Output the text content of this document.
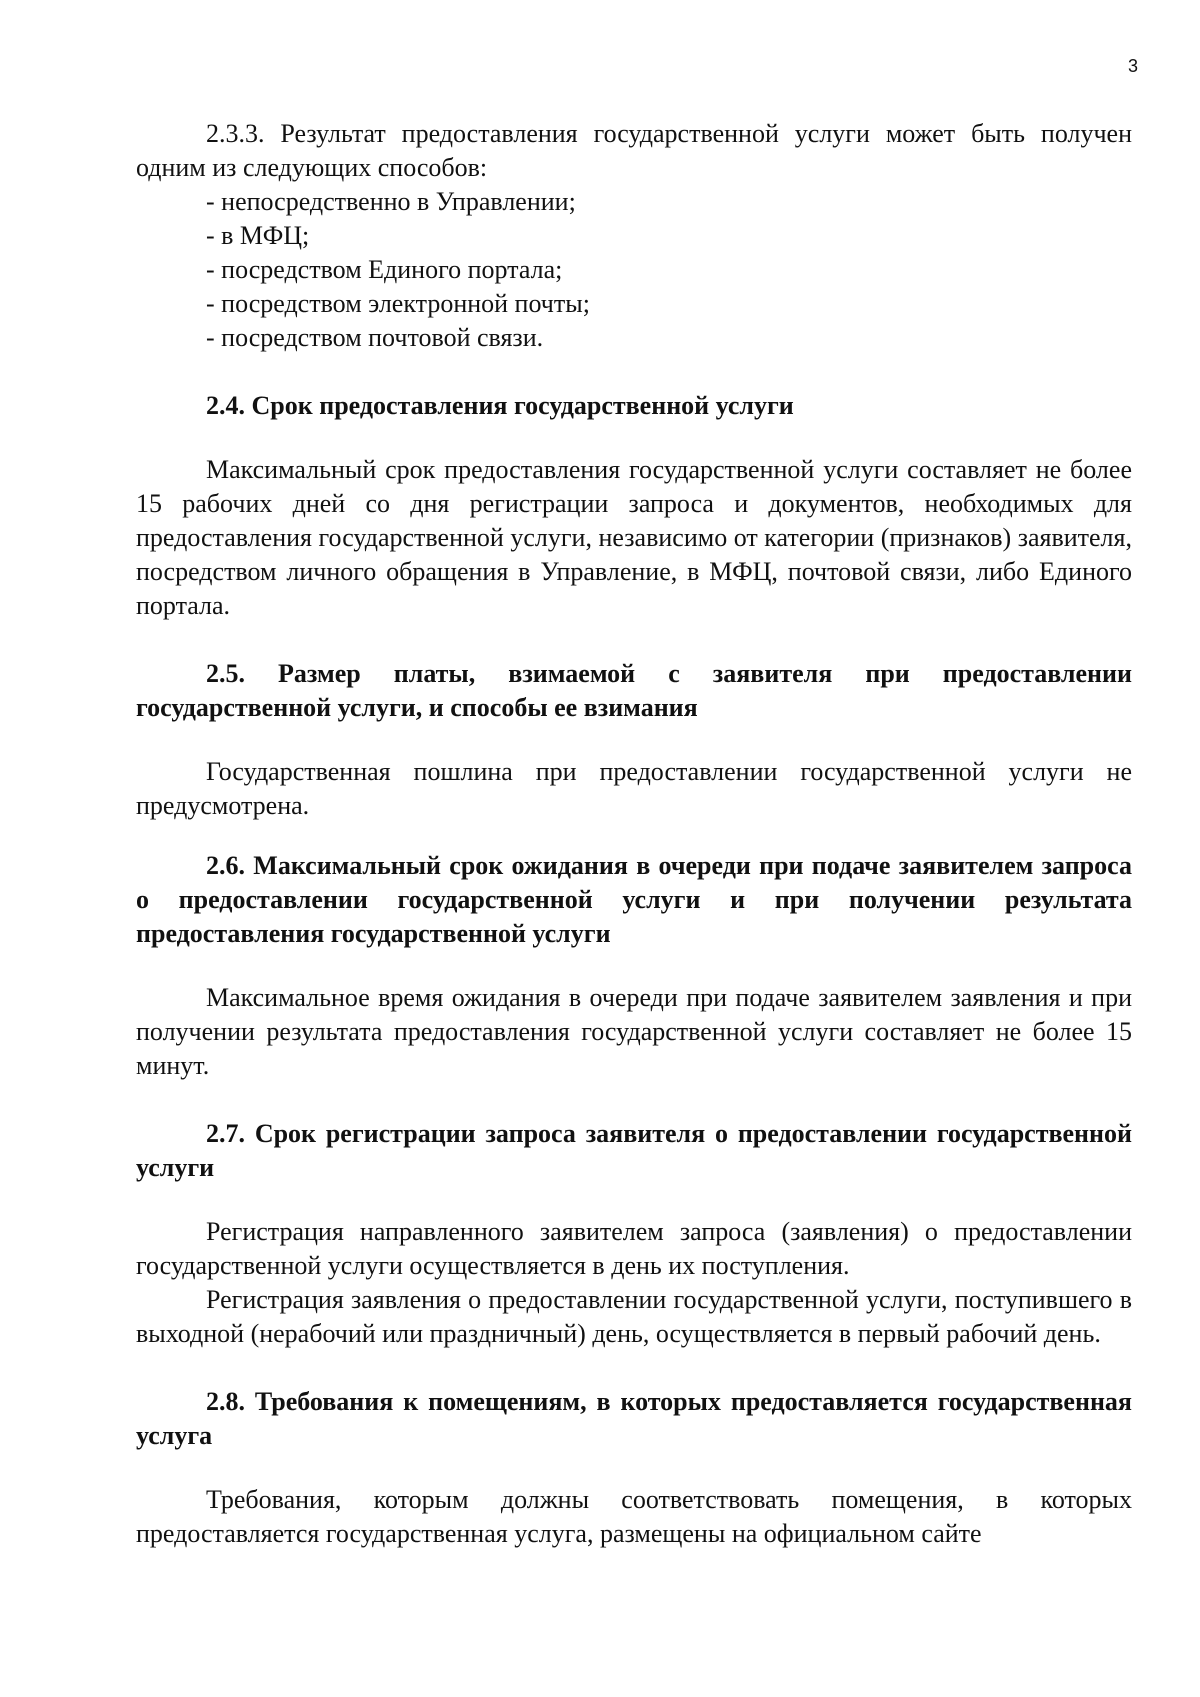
3

2.3.3. Результат предоставления государственной услуги может быть получен одним из следующих способов:

- непосредственно в Управлении;
- в МФЦ;
- посредством Единого портала;
- посредством электронной почты;
- посредством почтовой связи.
2.4. Срок предоставления государственной услуги

Максимальный срок предоставления государственной услуги составляет не более 15 рабочих дней со дня регистрации запроса и документов, необходимых для предоставления государственной услуги, независимо от категории (признаков) заявителя, посредством личного обращения в Управление, в МФЦ, почтовой связи, либо Единого портала.

2.5. Размер платы, взимаемой с заявителя при предоставлении государственной услуги, и способы ее взимания

Государственная пошлина при предоставлении государственной услуги не предусмотрена.

2.6. Максимальный срок ожидания в очереди при подаче заявителем запроса о предоставлении государственной услуги и при получении результата предоставления государственной услуги

Максимальное время ожидания в очереди при подаче заявителем заявления и при получении результата предоставления государственной услуги составляет не более 15 минут.

2.7. Срок регистрации запроса заявителя о предоставлении государственной услуги

Регистрация направленного заявителем запроса (заявления) о предоставлении государственной услуги осуществляется в день их поступления.

Регистрация заявления о предоставлении государственной услуги, поступившего в выходной (нерабочий или праздничный) день, осуществляется в первый рабочий день.

2.8. Требования к помещениям, в которых предоставляется государственная услуга

Требования, которым должны соответствовать помещения, в которых предоставляется государственная услуга, размещены на официальном сайте
